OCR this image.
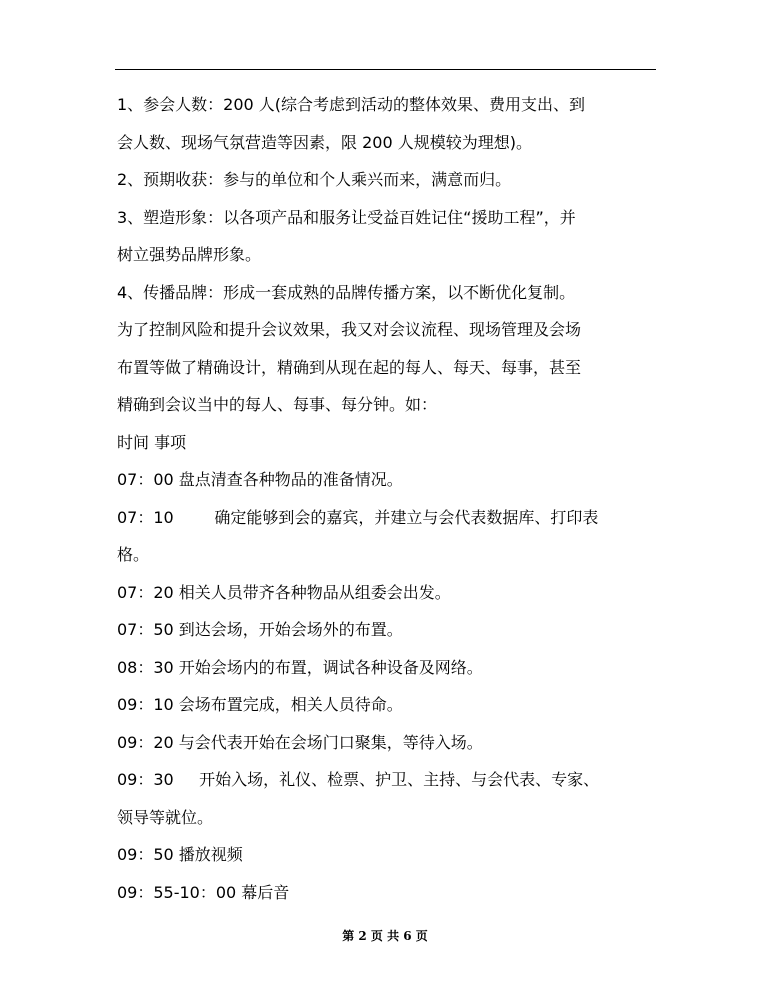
1、参会人数：200 人(综合考虑到活动的整体效果、费用支出、到
会人数、现场气氛营造等因素，限 200 人规模较为理想)。
2、预期收获：参与的单位和个人乘兴而来，满意而归。
3、塑造形象：以各项产品和服务让受益百姓记住“援助工程”，并
树立强势品牌形象。
4、传播品牌：形成一套成熟的品牌传播方案，以不断优化复制。
为了控制风险和提升会议效果，我又对会议流程、现场管理及会场
布置等做了精确设计，精确到从现在起的每人、每天、每事，甚至
精确到会议当中的每人、每事、每分钟。如：
时间 事项
07：00 盘点清查各种物品的准备情况。
07：10        确定能够到会的嘉宾，并建立与会代表数据库、打印表
格。
07：20 相关人员带齐各种物品从组委会出发。
07：50 到达会场，开始会场外的布置。
08：30 开始会场内的布置，调试各种设备及网络。
09：10 会场布置完成，相关人员待命。
09：20 与会代表开始在会场门口聚集，等待入场。
09：30     开始入场，礼仪、检票、护卫、主持、与会代表、专家、
领导等就位。
09：50 播放视频
09：55-10：00 幕后音
第 2 页 共 6 页
